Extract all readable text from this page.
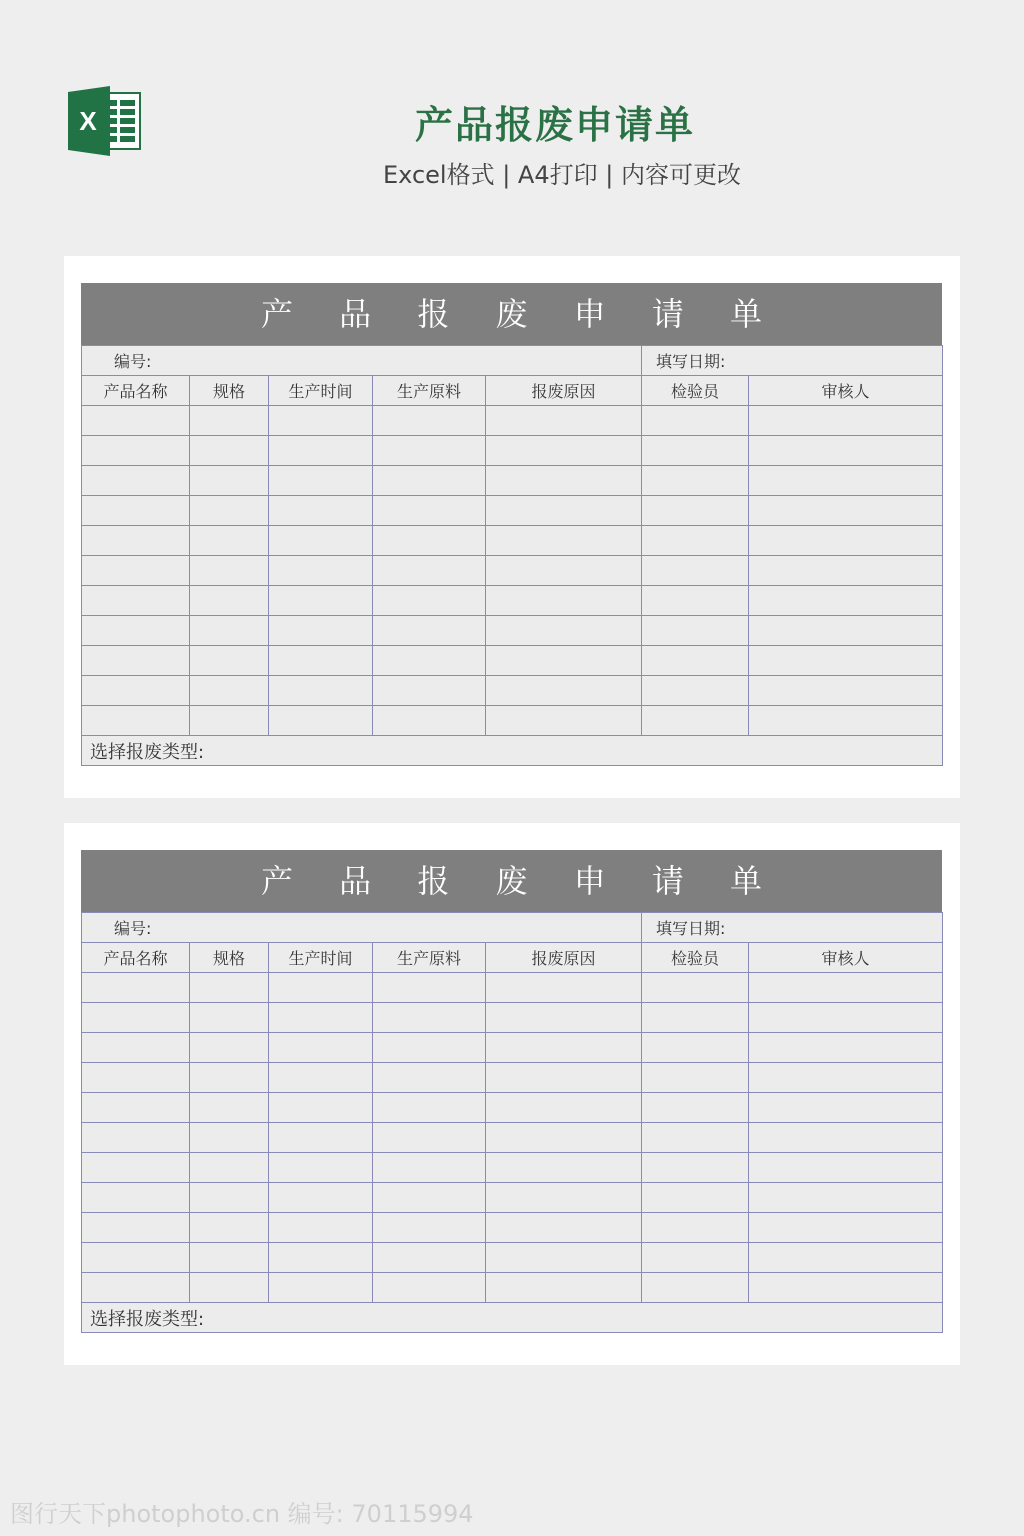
X	产品报废申请单
Excel格式 | A4打印 | 内容可更改
产 品 报 废 申 请 单
编号:					填写日期:	
产品名称	规格	生产时间	生产原料	报废原因	检验员	审核人

选择报废类型:						
产 品 报 废 申 请 单
编号:					填写日期:	
产品名称	规格	生产时间	生产原料	报废原因	检验员	审核人

选择报废类型:						
图行天下photophoto.cn 编号: 70115994
